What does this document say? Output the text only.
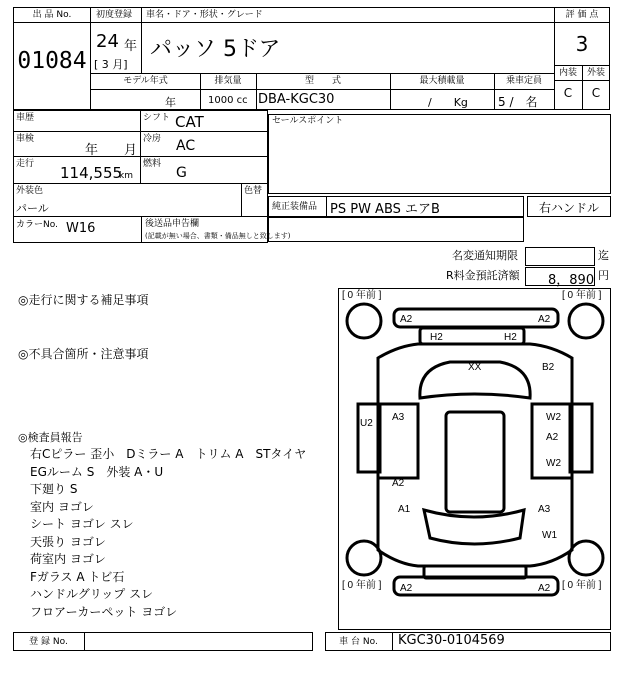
出 品 No.
01084
初度登録 車名・ドア・形状・グレード
24 年
[ 3 月]
パッソ 5ドア
評 価 点
3
内装	外装
C	C
モデル年式	排気量	型　　式	最大積載量	乗車定員
年	1000 cc DBA-KGC30	/　　Kg	5 /　名
車歴	シフト CAT
車検
年　　月
冷房 AC
走行 114,555
km
燃料
G
外装色
パール
色替
カラーNo. W16	後送品申告欄
(記載が無い場合、書類・備品無しと致します)
セールスポイント
純正装備品 PS PW ABS エアB	右ハンドル
名変通知期限	迄
R料金預託済額 8，890 円
◎走行に関する補足事項
◎不具合箇所・注意事項
◎検査員報告
右Cピラー 歪小　Dミラー A　トリム A　STタイヤ
EGルーム S　外装 A・U
下廻り S
室内 ヨゴレ
シート ヨゴレ スレ
天張り ヨゴレ
荷室内 ヨゴレ
Fガラス A トビ石
ハンドルグリップ スレ
フロアーカーペット ヨゴレ
[ 0 年前 ]	[ 0 年前 ]
[ 0 年前 ]	[ 0 年前 ]
A2	A2
H2	H2
XX	B2
U2
A3
A2
A1
W2
A2
W2
A3
W1
A2	A2
登 録 No.	車 台 No.	KGC30-0104569
